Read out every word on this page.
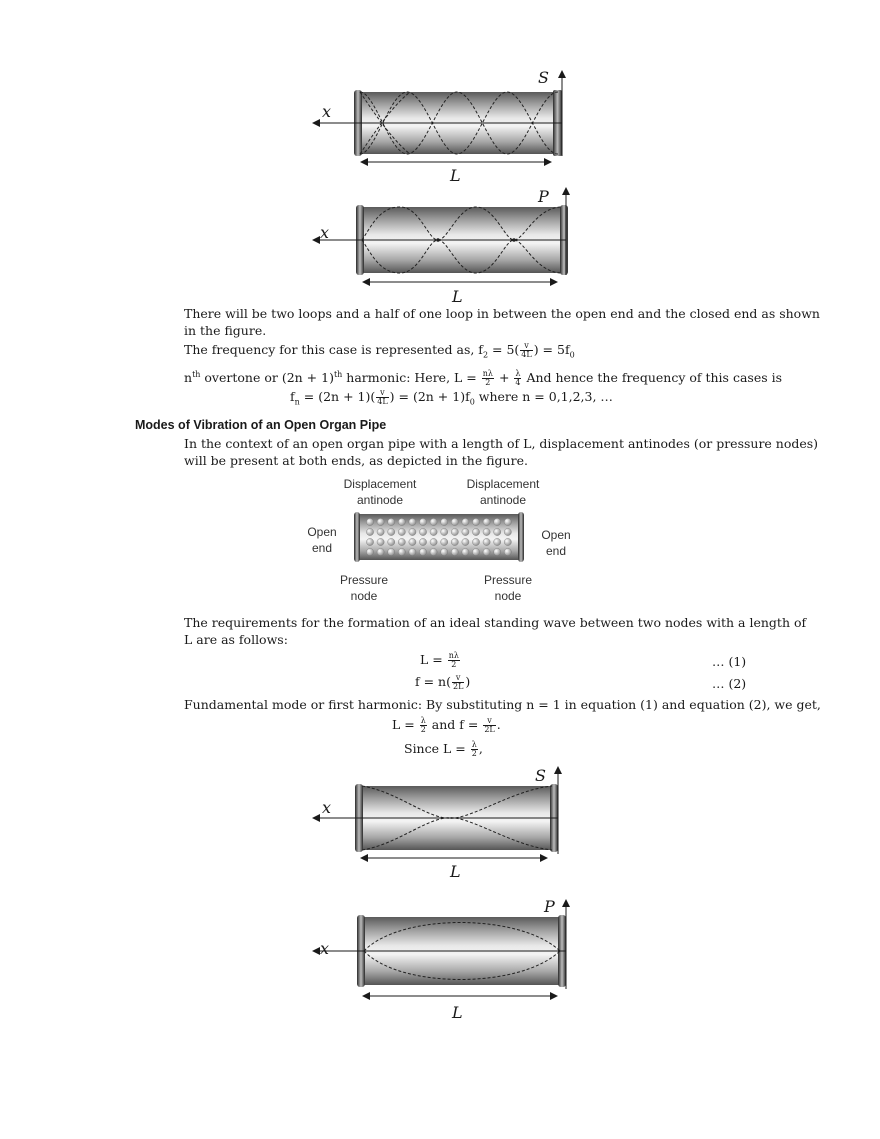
S
x
L
P
x
L
There will be two loops and a half of one loop in between the open end and the closed end as shown
in the figure.
The frequency for this case is represented as, $f_2 = 5( \frac{v}{4L}$ ) = $5f_0$
$n^{th}$ overtone or $(2n + 1)^{th}$ harmonic: Here, $L = \frac{n\lambda}{2} + \frac{\lambda}{4}$ And hence the frequency of this cases is
$f_n = (2n + 1)( \frac{v}{4L}$ ) = $(2n + 1)f_0$ where n = 0,1,2,3, …
Modes of Vibration of an Open Organ Pipe
In the context of an open organ pipe with a length of L, displacement antinodes (or pressure nodes)
will be present at both ends, as depicted in the figure.
Displacement antinode
Displacement antinode
Open end
Open end
Pressure node
Pressure node
The requirements for the formation of an ideal standing wave between two nodes with a length of
L are as follows:
$L = \frac{n\lambda}{2}$	… (1)
$f = n( \frac{v}{2L}$ )	… (2)
Fundamental mode or first harmonic: By substituting n = 1 in equation (1) and equation (2), we get,
$L = \frac{\lambda}{2}$ and $f = \frac{v}{2L}$ .
Since $L = \frac{\lambda}{2}$ ,
S
x
L
P
x
L
